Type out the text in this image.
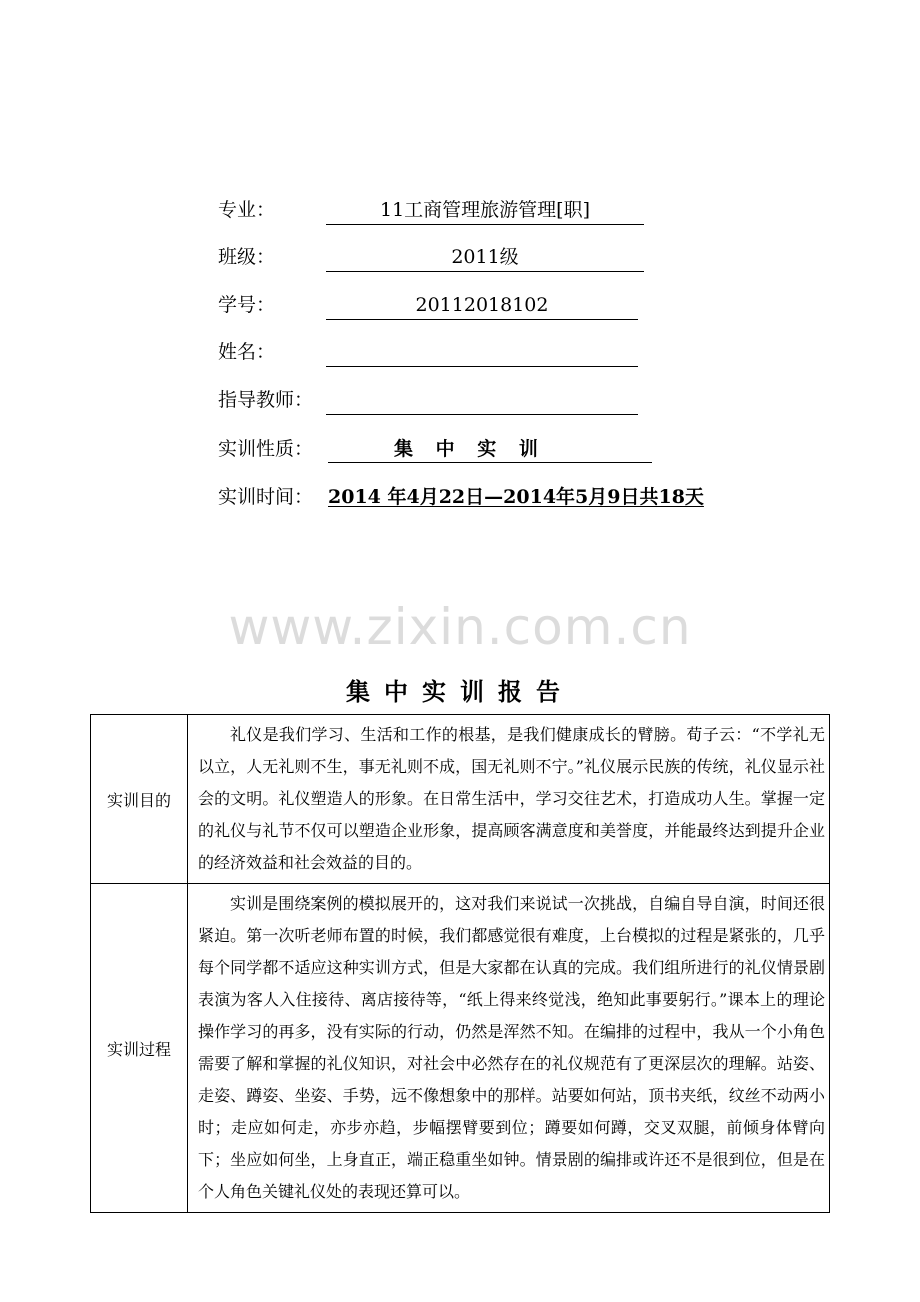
专业：	11工商管理旅游管理[职]
班级：	2011级
学号：	20112018102
姓名：
指导教师：
实训性质：	集 中 实 训
实训时间： 2014 年4月22日—2014年5月9日共18天
www.zixin.com.cn
集中实训报告
实训目的	礼仪是我们学习、生活和工作的根基，是我们健康成长的臂膀。荀子云：“不学礼无以立，人无礼则不生，事无礼则不成，国无礼则不宁。”礼仪展示民族的传统，礼仪显示社会的文明。礼仪塑造人的形象。在日常生活中，学习交往艺术，打造成功人生。掌握一定的礼仪与礼节不仅可以塑造企业形象，提高顾客满意度和美誉度，并能最终达到提升企业的经济效益和社会效益的目的。
实训过程	实训是围绕案例的模拟展开的，这对我们来说试一次挑战，自编自导自演，时间还很紧迫。第一次听老师布置的时候，我们都感觉很有难度，上台模拟的过程是紧张的，几乎每个同学都不适应这种实训方式，但是大家都在认真的完成。我们组所进行的礼仪情景剧表演为客人入住接待、离店接待等，“纸上得来终觉浅，绝知此事要躬行。”课本上的理论操作学习的再多，没有实际的行动，仍然是浑然不知。在编排的过程中，我从一个小角色需要了解和掌握的礼仪知识，对社会中必然存在的礼仪规范有了更深层次的理解。站姿、走姿、蹲姿、坐姿、手势，远不像想象中的那样。站要如何站，顶书夹纸，纹丝不动两小时；走应如何走，亦步亦趋，步幅摆臂要到位；蹲要如何蹲，交叉双腿，前倾身体臂向下；坐应如何坐，上身直正，端正稳重坐如钟。情景剧的编排或许还不是很到位，但是在个人角色关键礼仪处的表现还算可以。
